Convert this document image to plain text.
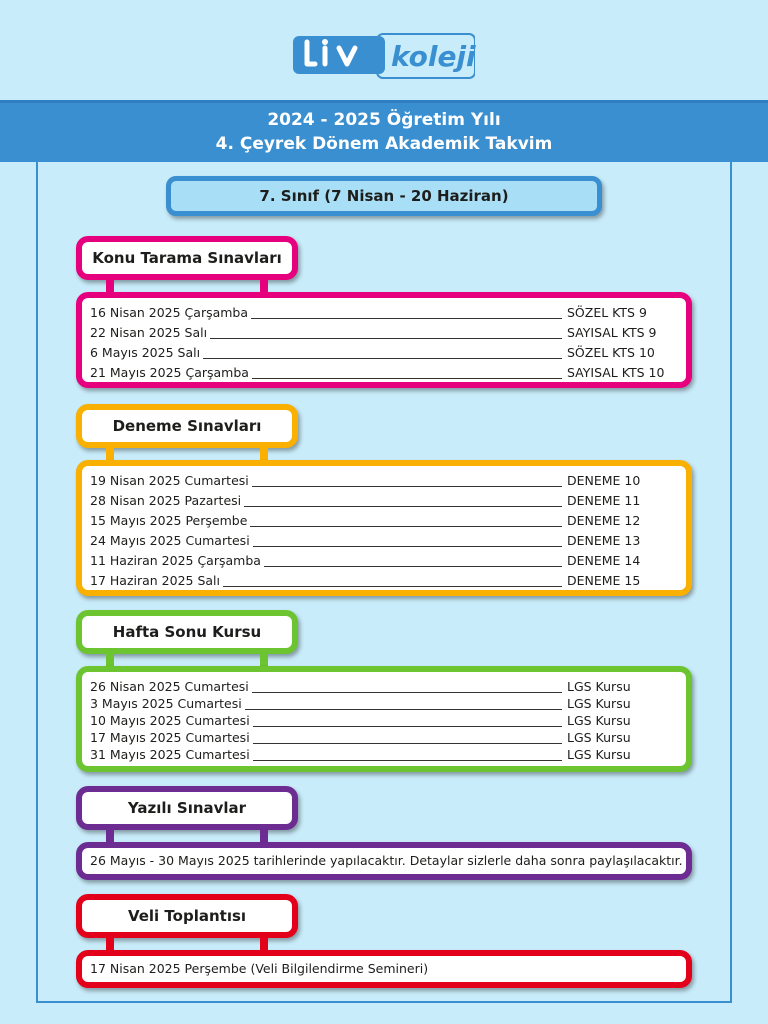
koleji
2024 - 2025 Öğretim Yılı
4. Çeyrek Dönem Akademik Takvim
7. Sınıf (7 Nisan - 20 Haziran)
Konu Tarama Sınavları
16 Nisan 2025 Çarşamba	SÖZEL KTS 9
22 Nisan 2025 Salı	SAYISAL KTS 9
6 Mayıs 2025 Salı	SÖZEL KTS 10
21 Mayıs 2025 Çarşamba	SAYISAL KTS 10
Deneme Sınavları
19 Nisan 2025 Cumartesi	DENEME 10
28 Nisan 2025 Pazartesi	DENEME 11
15 Mayıs 2025 Perşembe	DENEME 12
24 Mayıs 2025 Cumartesi	DENEME 13
11 Haziran 2025 Çarşamba	DENEME 14
17 Haziran 2025 Salı	DENEME 15
Hafta Sonu Kursu
26 Nisan 2025 Cumartesi	LGS Kursu
3 Mayıs 2025 Cumartesi	LGS Kursu
10 Mayıs 2025 Cumartesi	LGS Kursu
17 Mayıs 2025 Cumartesi	LGS Kursu
31 Mayıs 2025 Cumartesi	LGS Kursu
Yazılı Sınavlar
26 Mayıs - 30 Mayıs 2025 tarihlerinde yapılacaktır. Detaylar sizlerle daha sonra paylaşılacaktır.
Veli Toplantısı
17 Nisan 2025 Perşembe (Veli Bilgilendirme Semineri)
